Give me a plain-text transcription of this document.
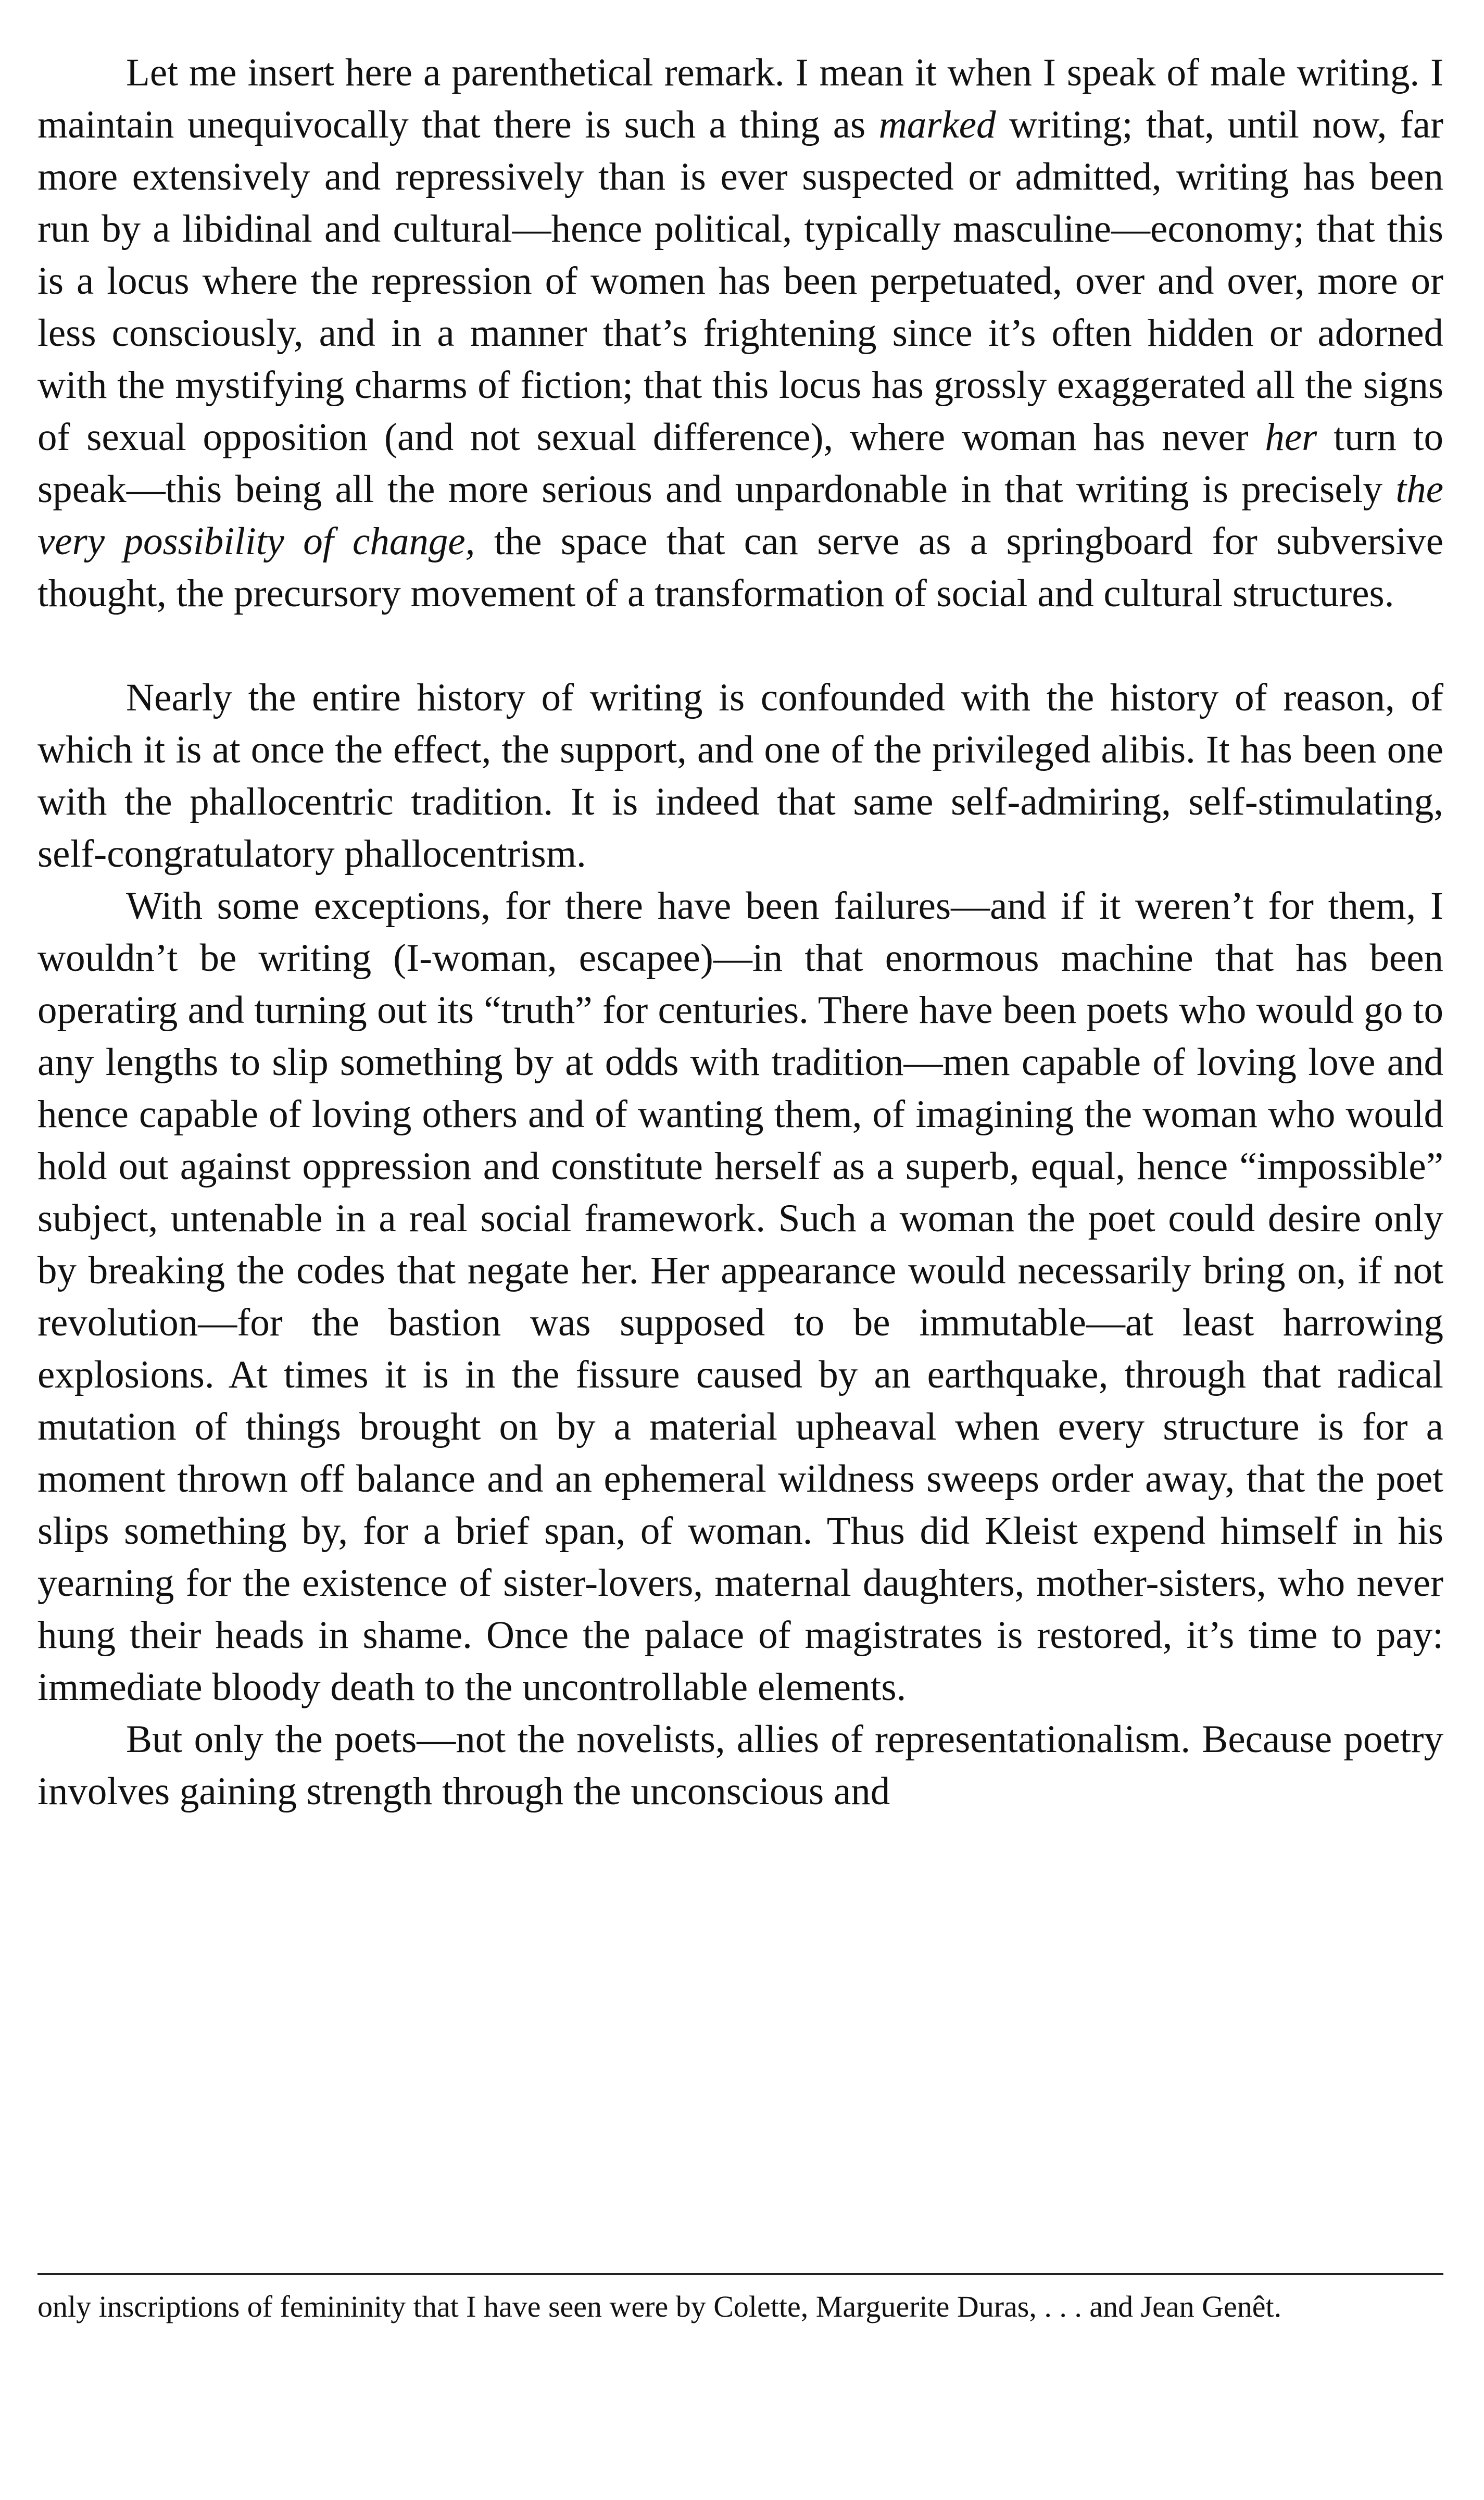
Let me insert here a parenthetical remark. I mean it when I speak of male writing. I maintain unequivocally that there is such a thing as marked writing; that, until now, far more extensively and repressively than is ever suspected or admitted, writing has been run by a libidinal and cultural—hence political, typically masculine—economy; that this is a locus where the repression of women has been perpetuated, over and over, more or less consciously, and in a manner that’s frightening since it’s often hidden or adorned with the mystifying charms of fiction; that this locus has grossly exaggerated all the signs of sexual opposition (and not sexual difference), where woman has never her turn to speak—this being all the more serious and unpardonable in that writing is precisely the very possibility of change, the space that can serve as a springboard for subversive thought, the precursory movement of a transformation of social and cultural structures.

Nearly the entire history of writing is confounded with the history of reason, of which it is at once the effect, the support, and one of the privileged alibis. It has been one with the phallocentric tradition. It is indeed that same self-admiring, self-stimulating, self-congratulatory phallocentrism.

With some exceptions, for there have been failures—and if it weren’t for them, I wouldn’t be writing (I-woman, escapee)—in that enormous machine that has been operatirg and turning out its “truth” for centuries. There have been poets who would go to any lengths to slip something by at odds with tradition—men capable of loving love and hence capable of loving others and of wanting them, of imagining the woman who would hold out against oppression and constitute herself as a superb, equal, hence “impossible” subject, untenable in a real social framework. Such a woman the poet could desire only by breaking the codes that negate her. Her appearance would necessarily bring on, if not revolution—for the bastion was supposed to be immutable—at least harrowing explosions. At times it is in the fissure caused by an earthquake, through that radical mutation of things brought on by a material upheaval when every structure is for a moment thrown off balance and an ephemeral wildness sweeps order away, that the poet slips something by, for a brief span, of woman. Thus did Kleist expend himself in his yearning for the existence of sister-lovers, maternal daughters, mother-sisters, who never hung their heads in shame. Once the palace of magistrates is restored, it’s time to pay: immediate bloody death to the uncontrollable elements.

But only the poets—not the novelists, allies of representationalism. Because poetry involves gaining strength through the unconscious and

only inscriptions of femininity that I have seen were by Colette, Marguerite Duras, . . . and Jean Genêt.
